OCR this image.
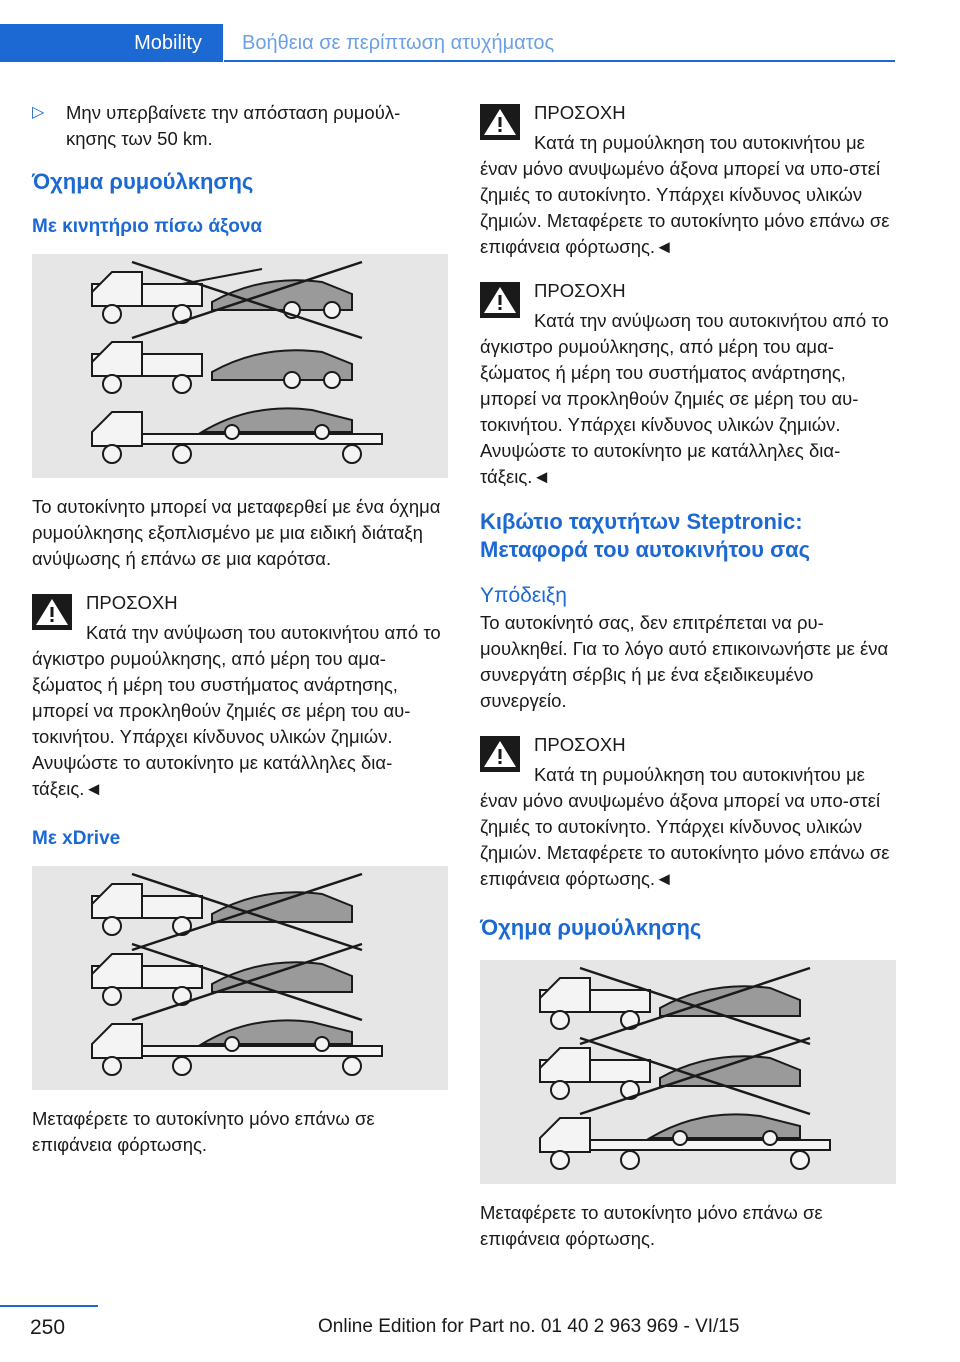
Mobility	Βοήθεια σε περίπτωση ατυχήματος
▷ Μην υπερβαίνετε την απόσταση ρυμούλ-κησης των 50 km.
Όχημα ρυμούλκησης
Με κινητήριο πίσω άξονα
Το αυτοκίνητο μπορεί να μεταφερθεί με ένα όχημα ρυμούλκησης εξοπλισμένο με μια ειδική διάταξη ανύψωσης ή επάνω σε μια καρότσα.
ΠΡΟΣΟΧΗ
Κατά την ανύψωση του αυτοκινήτου από το άγκιστρο ρυμούλκησης, από μέρη του αμα-ξώματος ή μέρη του συστήματος ανάρτησης, μπορεί να προκληθούν ζημιές σε μέρη του αυ-τοκινήτου. Υπάρχει κίνδυνος υλικών ζημιών. Ανυψώστε το αυτοκίνητο με κατάλληλες δια-τάξεις.◄
Με xDrive
Μεταφέρετε το αυτοκίνητο μόνο επάνω σε επιφάνεια φόρτωσης.
ΠΡΟΣΟΧΗ
Κατά τη ρυμούλκηση του αυτοκινήτου με έναν μόνο ανυψωμένο άξονα μπορεί να υπο-στεί ζημιές το αυτοκίνητο. Υπάρχει κίνδυνος υλικών ζημιών. Μεταφέρετε το αυτοκίνητο μόνο επάνω σε επιφάνεια φόρτωσης.◄
ΠΡΟΣΟΧΗ
Κατά την ανύψωση του αυτοκινήτου από το άγκιστρο ρυμούλκησης, από μέρη του αμα-ξώματος ή μέρη του συστήματος ανάρτησης, μπορεί να προκληθούν ζημιές σε μέρη του αυ-τοκινήτου. Υπάρχει κίνδυνος υλικών ζημιών. Ανυψώστε το αυτοκίνητο με κατάλληλες δια-τάξεις.◄
Κιβώτιο ταχυτήτων Steptronic: Μεταφορά του αυτοκινήτου σας
Υπόδειξη
Το αυτοκίνητό σας, δεν επιτρέπεται να ρυ-μουλκηθεί. Για το λόγο αυτό επικοινωνήστε με ένα συνεργάτη σέρβις ή με ένα εξειδικευμένο συνεργείο.
ΠΡΟΣΟΧΗ
Κατά τη ρυμούλκηση του αυτοκινήτου με έναν μόνο ανυψωμένο άξονα μπορεί να υπο-στεί ζημιές το αυτοκίνητο. Υπάρχει κίνδυνος υλικών ζημιών. Μεταφέρετε το αυτοκίνητο μόνο επάνω σε επιφάνεια φόρτωσης.◄
Όχημα ρυμούλκησης
Μεταφέρετε το αυτοκίνητο μόνο επάνω σε επιφάνεια φόρτωσης.
250	Online Edition for Part no. 01 40 2 963 969 - VI/15
